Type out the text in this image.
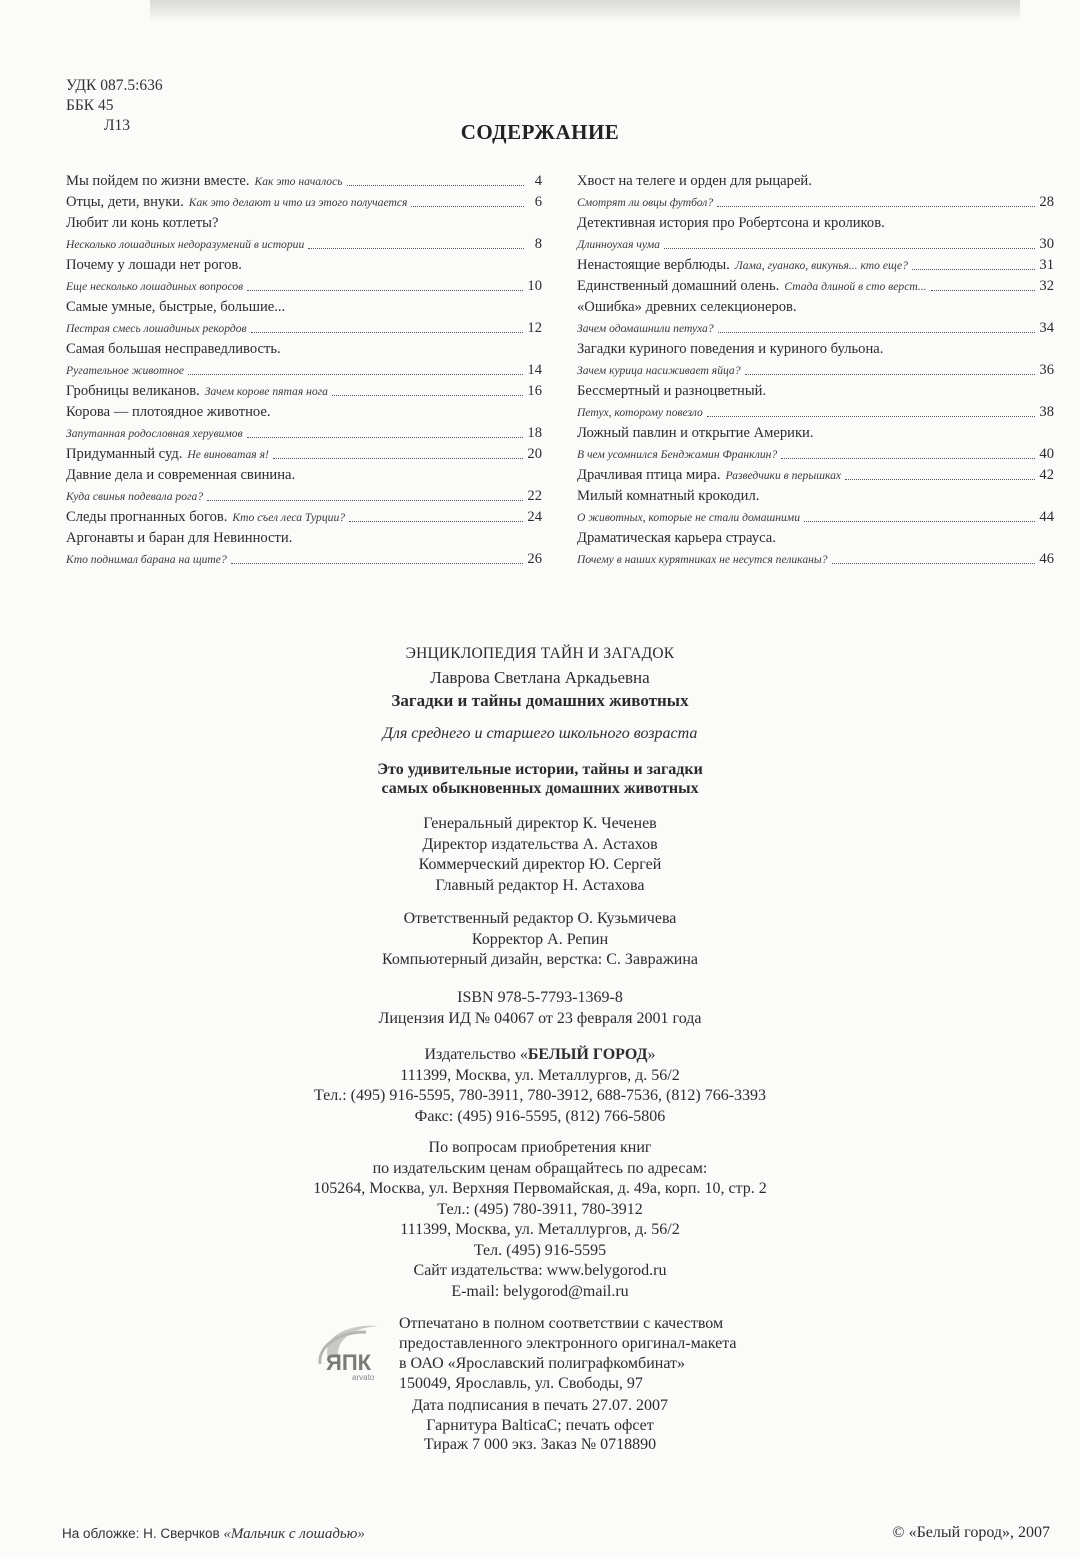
УДК 087.5:636
ББК 45
Л13	СОДЕРЖАНИЕ
Мы пойдем по жизни вместе. Как это началось	4
Отцы, дети, внуки. Как это делают и что из этого получается	6
Любит ли конь котлеты?
Несколько лошадиных недоразумений в истории	8
Почему у лошади нет рогов.
Еще несколько лошадиных вопросов	10
Самые умные, быстрые, большие...
Пестрая смесь лошадиных рекордов	12
Самая большая несправедливость.
Ругательное животное	14
Гробницы великанов. Зачем корове пятая нога	16
Корова — плотоядное животное.
Запутанная родословная херувимов	18
Придуманный суд. Не виноватая я!	20
Давние дела и современная свинина.
Куда свинья подевала рога?	22
Следы прогнанных богов. Кто съел леса Турции?	24
Аргонавты и баран для Невинности.
Кто поднимал барана на щите?	26
Хвост на телеге и орден для рыцарей.
Смотрят ли овцы футбол?	28
Детективная история про Робертсона и кроликов.
Длинноухая чума	30
Ненастоящие верблюды. Лама, гуанако, викунья... кто еще?	31
Единственный домашний олень. Стада длиной в сто верст...	32
«Ошибка» древних селекционеров.
Зачем одомашнили петуха?	34
Загадки куриного поведения и куриного бульона.
Зачем курица насиживает яйца?	36
Бессмертный и разноцветный.
Петух, которому повезло	38
Ложный павлин и открытие Америки.
В чем усомнился Бенджамин Франклин?	40
Драчливая птица мира. Разведчики в перышках	42
Милый комнатный крокодил.
О животных, которые не стали домашними	44
Драматическая карьера страуса.
Почему в наших курятниках не несутся пеликаны?	46
ЭНЦИКЛОПЕДИЯ ТАЙН И ЗАГАДОК
Лаврова Светлана Аркадьевна
Загадки и тайны домашних животных
Для среднего и старшего школьного возраста
Это удивительные истории, тайны и загадки
самых обыкновенных домашних животных
Генеральный директор К. Чеченев
Директор издательства А. Астахов
Коммерческий директор Ю. Сергей
Главный редактор Н. Астахова
Ответственный редактор О. Кузьмичева
Корректор А. Репин
Компьютерный дизайн, верстка: С. Завражина
ISBN 978-5-7793-1369-8
Лицензия ИД № 04067 от 23 февраля 2001 года
Издательство «БЕЛЫЙ ГОРОД»
111399, Москва, ул. Металлургов, д. 56/2
Тел.: (495) 916-5595, 780-3911, 780-3912, 688-7536, (812) 766-3393
Факс: (495) 916-5595, (812) 766-5806
По вопросам приобретения книг
по издательским ценам обращайтесь по адресам:
105264, Москва, ул. Верхняя Первомайская, д. 49а, корп. 10, стр. 2
Тел.: (495) 780-3911, 780-3912
111399, Москва, ул. Металлургов, д. 56/2
Тел. (495) 916-5595
Сайт издательства: www.belygorod.ru
E-mail: belygorod@mail.ru
ЯПК
arvato
Отпечатано в полном соответствии с качеством
предоставленного электронного оригинал-макета
в ОАО «Ярославский полиграфкомбинат»
150049, Ярославль, ул. Свободы, 97
Дата подписания в печать 27.07. 2007
Гарнитура BalticaC; печать офсет
Тираж 7 000 экз. Заказ № 0718890
На обложке: Н. Сверчков «Мальчик с лошадью»	© «Белый город», 2007
